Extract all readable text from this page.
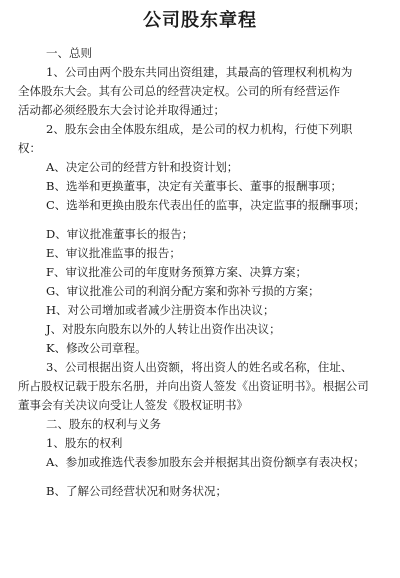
公司股东章程
一、总则
1、公司由两个股东共同出资组建，其最高的管理权利机构为
全体股东大会。其有公司总的经营决定权。公司的所有经营运作
活动都必须经股东大会讨论并取得通过；
2、股东会由全体股东组成，是公司的权力机构，行使下列职
权：
A、决定公司的经营方针和投资计划；
B、选举和更换董事，决定有关董事长、董事的报酬事项；
C、选举和更换由股东代表出任的监事，决定监事的报酬事项；
D、审议批准董事长的报告；
E、审议批准监事的报告；
F、审议批准公司的年度财务预算方案、决算方案；
G、审议批准公司的利润分配方案和弥补亏损的方案；
H、对公司增加或者减少注册资本作出决议；
J、对股东向股东以外的人转让出资作出决议；
K、修改公司章程。
3、公司根据出资人出资额，将出资人的姓名或名称，住址、
所占股权记载于股东名册，并向出资人签发《出资证明书》。根据公司
董事会有关决议向受让人签发《股权证明书》
二、股东的权利与义务
1、股东的权利
A、参加或推选代表参加股东会并根据其出资份额享有表决权；
B、了解公司经营状况和财务状况；
